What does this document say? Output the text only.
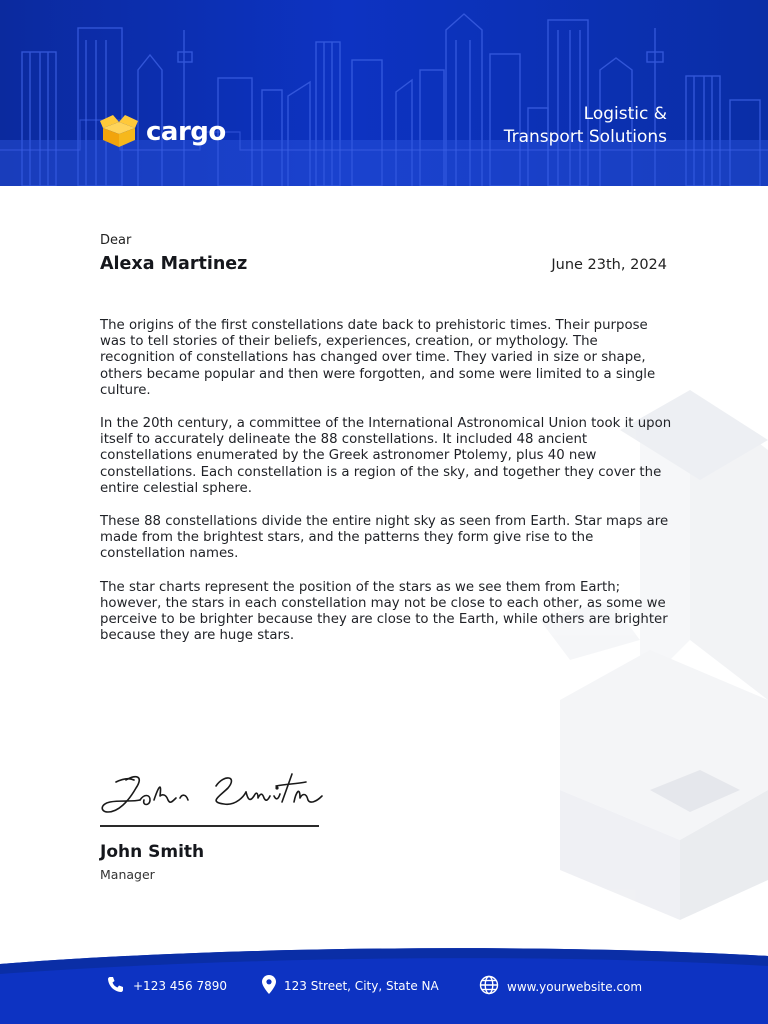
cargo
Logistic &
Transport Solutions
Dear
Alexa Martinez	June 23th, 2024

The origins of the first constellations date back to prehistoric times. Their purpose was to tell stories of their beliefs, experiences, creation, or mythology. The recognition of constellations has changed over time. They varied in size or shape, others became popular and then were forgotten, and some were limited to a single culture.

In the 20th century, a committee of the International Astronomical Union took it upon itself to accurately delineate the 88 constellations. It included 48 ancient constellations enumerated by the Greek astronomer Ptolemy, plus 40 new constellations. Each constellation is a region of the sky, and together they cover the entire celestial sphere.

These 88 constellations divide the entire night sky as seen from Earth. Star maps are made from the brightest stars, and the patterns they form give rise to the constellation names.

The star charts represent the position of the stars as we see them from Earth; however, the stars in each constellation may not be close to each other, as some we perceive to be brighter because they are close to the Earth, while others are brighter because they are huge stars.

John Smith
Manager
+123 456 7890	123 Street, City, State NA	www.yourwebsite.com
